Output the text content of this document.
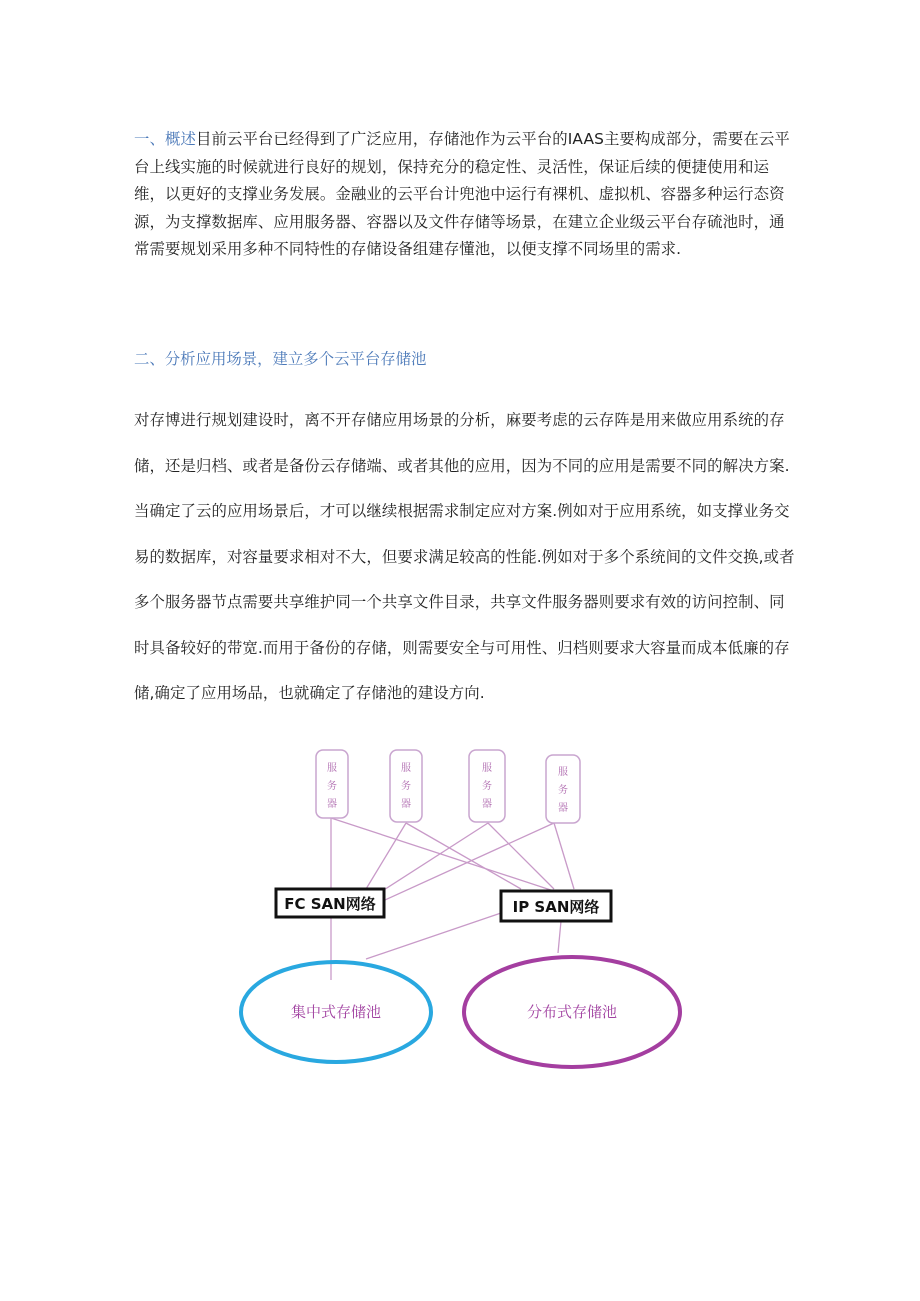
一、概述目前云平台已经得到了广泛应用，存储池作为云平台的IAAS主要构成部分，需要在云平台上线实施的时候就进行良好的规划，保持充分的稳定性、灵活性，保证后续的便捷使用和运维，以更好的支撑业务发展。金融业的云平台计兜池中运行有裸机、虚拟机、容器多种运行态资源，为支撑数据库、应用服务器、容器以及文件存储等场景，在建立企业级云平台存硫池时，通常需要规划采用多种不同特性的存储设备组建存懂池，以便支撑不同场里的需求.

二、分析应用场景，建立多个云平台存储池

对存博进行规划建设时，离不开存储应用场景的分析，麻要考虑的云存阵是用来做应用系统的存
储，还是归档、或者是备份云存储端、或者其他的应用，因为不同的应用是需要不同的解决方案.
当确定了云的应用场景后，才可以继续根据需求制定应对方案.例如对于应用系统，如支撑业务交
易的数据库，对容量要求相对不大，但要求满足较高的性能.例如对于多个系统间的文件交换,或者
多个服务器节点需要共享维护同一个共享文件目录，共享文件服务器则要求有效的访问控制、同
时具备较好的带宽.而用于备份的存储，则需要安全与可用性、归档则要求大容量而成本低廉的存
储,确定了应用场品，也就确定了存储池的建设方向.
服
务
器
服
务
器
服
务
器
服
务
器
FC SAN网络	IP SAN网络
集中式存储池	分布式存储池
